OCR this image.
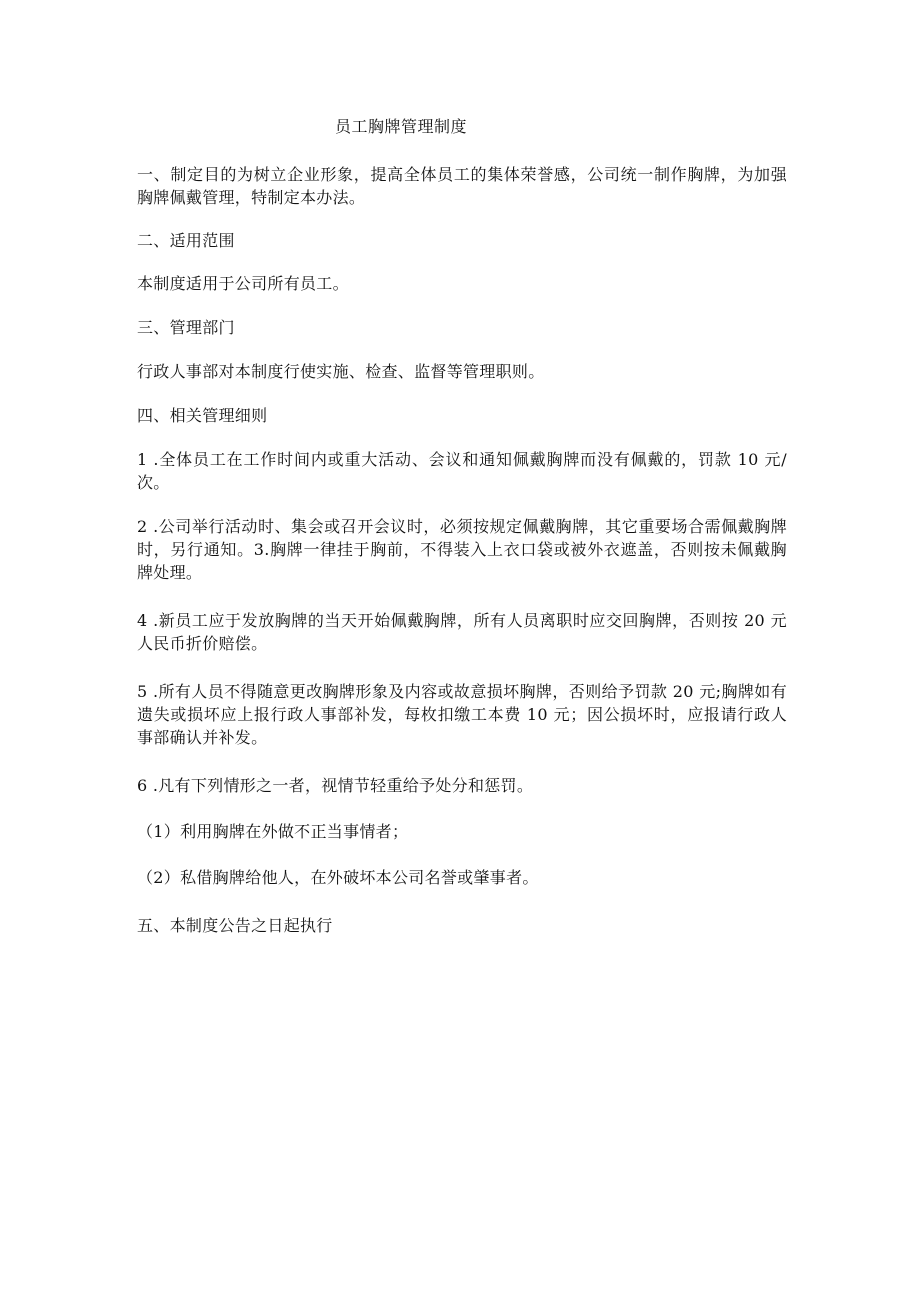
员工胸牌管理制度

一、制定目的为树立企业形象，提高全体员工的集体荣誉感，公司统一制作胸牌，为加强胸牌佩戴管理，特制定本办法。

二、适用范围

本制度适用于公司所有员工。

三、管理部门

行政人事部对本制度行使实施、检查、监督等管理职则。

四、相关管理细则

1 .全体员工在工作时间内或重大活动、会议和通知佩戴胸牌而没有佩戴的，罚款 10 元/次。

2 .公司举行活动时、集会或召开会议时，必须按规定佩戴胸牌，其它重要场合需佩戴胸牌时，另行通知。3.胸牌一律挂于胸前，不得装入上衣口袋或被外衣遮盖，否则按未佩戴胸牌处理。

4 .新员工应于发放胸牌的当天开始佩戴胸牌，所有人员离职时应交回胸牌，否则按 20 元人民币折价赔偿。

5 .所有人员不得随意更改胸牌形象及内容或故意损坏胸牌，否则给予罚款 20 元;胸牌如有遗失或损坏应上报行政人事部补发，每枚扣缴工本费 10 元；因公损坏时，应报请行政人事部确认并补发。

6 .凡有下列情形之一者，视情节轻重给予处分和惩罚。

（1）利用胸牌在外做不正当事情者；

（2）私借胸牌给他人，在外破坏本公司名誉或肇事者。

五、本制度公告之日起执行
